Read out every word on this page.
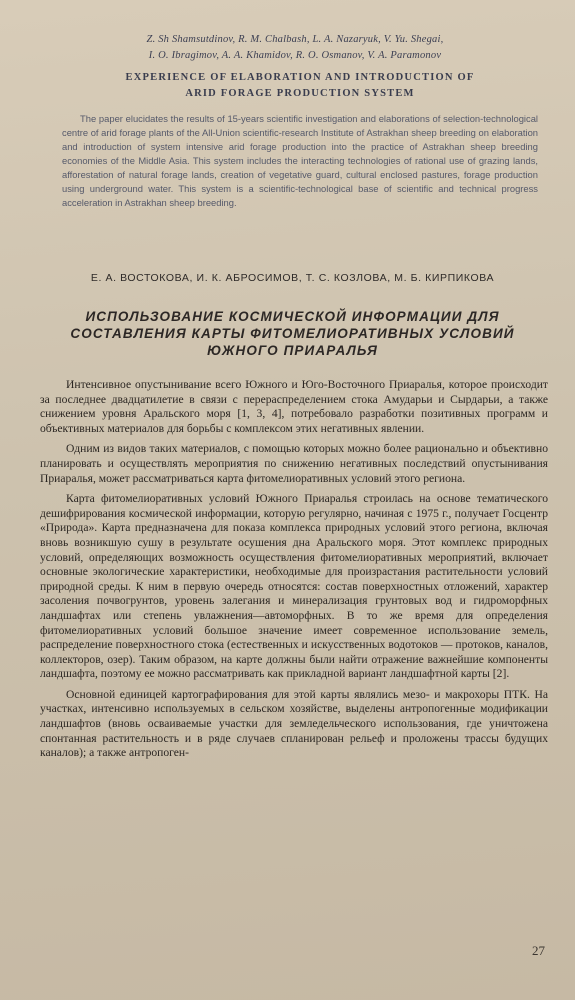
Z. Sh Shamsutdinov, R. M. Chalbash, L. A. Nazaryuk, V. Yu. Shegai,
I. O. Ibragimov, A. A. Khamidov, R. O. Osmanov, V. A. Paramonov
EXPERIENCE OF ELABORATION AND INTRODUCTION OF
ARID FORAGE PRODUCTION SYSTEM

The paper elucidates the results of 15-years scientific investigation and elaborations of selection-technological centre of arid forage plants of the All-Union scientific-research Institute of Astrakhan sheep breeding on elaboration and introduction of system intensive arid forage production into the practice of Astrakhan sheep breeding economies of the Middle Asia. This system includes the interacting technologies of rational use of grazing lands, afforestation of natural forage lands, creation of vegetative guard, cultural enclosed pastures, forage production using underground water. This system is a scientific-technological base of scientific and technical progress acceleration in Astrakhan sheep breeding.

Е. А. ВОСТОКОВА, И. К. АБРОСИМОВ, Т. С. КОЗЛОВА, М. Б. КИРПИКОВА
ИСПОЛЬЗОВАНИЕ КОСМИЧЕСКОЙ ИНФОРМАЦИИ ДЛЯ
СОСТАВЛЕНИЯ КАРТЫ ФИТОМЕЛИОРАТИВНЫХ УСЛОВИЙ
ЮЖНОГО ПРИАРАЛЬЯ

Интенсивное опустынивание всего Южного и Юго-Восточного Приаралья, которое происходит за последнее двадцатилетие в связи с перераспределением стока Амударьи и Сырдарьи, а также снижением уровня Аральского моря [1, 3, 4], потребовало разработки позитивных программ и объективных материалов для борьбы с комплексом этих негативных явлении.

Одним из видов таких материалов, с помощью которых можно более рационально и объективно планировать и осуществлять мероприятия по снижению негативных последствий опустынивания Приаралья, может рассматриваться карта фитомелиоративных условий этого региона.

Карта фитомелиоративных условий Южного Приаралья строилась на основе тематического дешифрирования космической информации, которую регулярно, начиная с 1975 г., получает Госцентр «Природа». Карта предназначена для показа комплекса природных условий этого региона, включая вновь возникшую сушу в результате осушения дна Аральского моря. Этот комплекс природных условий, определяющих возможность осуществления фитомелиоративных мероприятий, включает основные экологические характеристики, необходимые для произрастания растительности условий природной среды. К ним в первую очередь относятся: состав поверхностных отложений, характер засоления почвогрунтов, уровень залегания и минерализация грунтовых вод и гидроморфных ландшафтах или степень увлажнения—автоморфных. В то же время для определения фитомелиоративных условий большое значение имеет современное использование земель, распределение поверхностного стока (естественных и искусственных водотоков — протоков, каналов, коллекторов, озер). Таким образом, на карте должны были найти отражение важнейшие компоненты ландшафта, поэтому ее можно рассматривать как прикладной вариант ландшафтной карты [2].

Основной единицей картографирования для этой карты являлись мезо- и макрохоры ПТК. На участках, интенсивно используемых в сельском хозяйстве, выделены антропогенные модификации ландшафтов (вновь осваиваемые участки для земледельческого использования, где уничтожена спонтанная растительность и в ряде случаев спланирован рельеф и проложены трассы будущих каналов); а также антропоген-

27
